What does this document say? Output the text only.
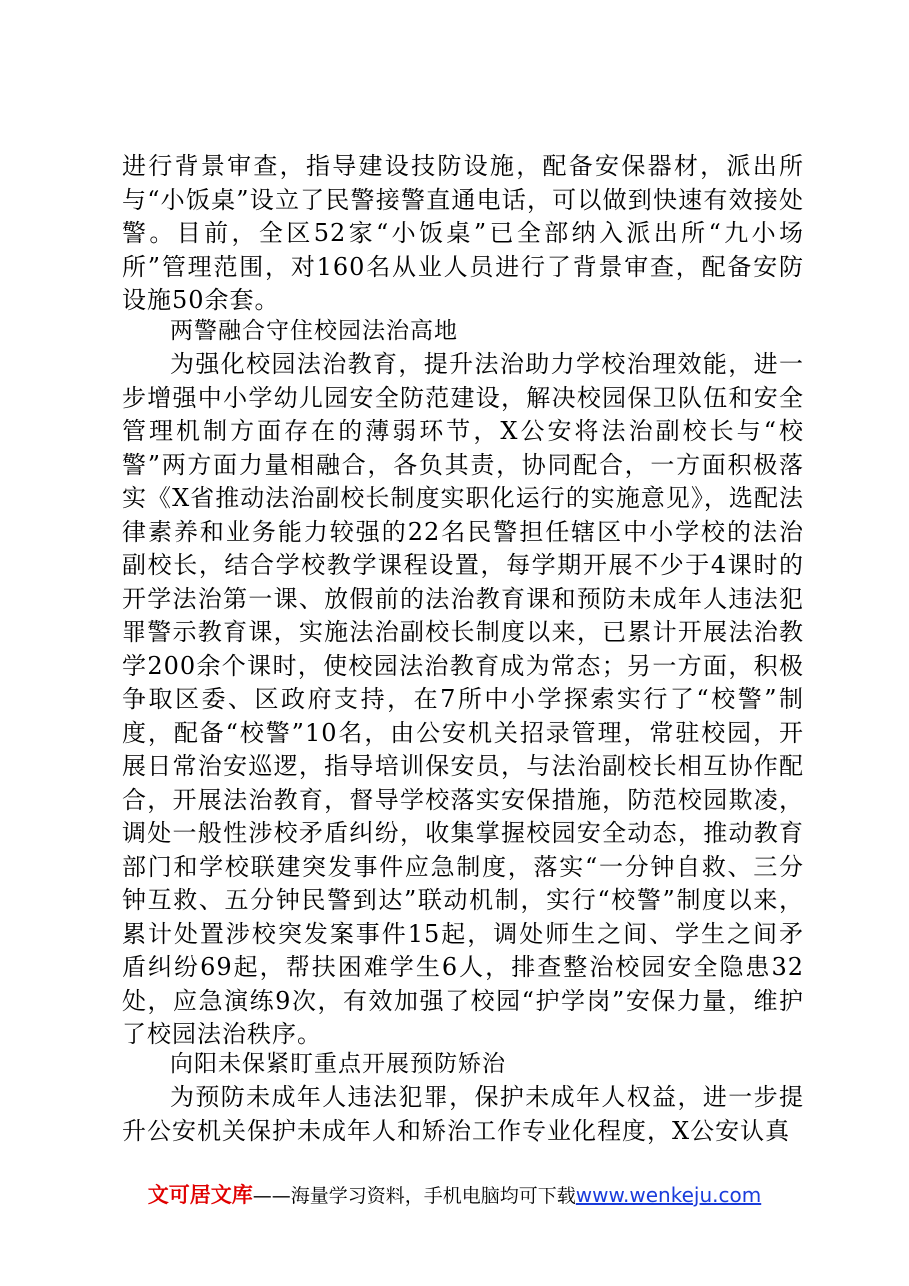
进行背景审查，指导建设技防设施，配备安保器材，派出所与“小饭桌”设立了民警接警直通电话，可以做到快速有效接处警。目前，全区52家“小饭桌”已全部纳入派出所“九小场所”管理范围，对160名从业人员进行了背景审查，配备安防设施50余套。
两警融合守住校园法治高地
为强化校园法治教育，提升法治助力学校治理效能，进一步增强中小学幼儿园安全防范建设，解决校园保卫队伍和安全管理机制方面存在的薄弱环节，X公安将法治副校长与“校警”两方面力量相融合，各负其责，协同配合，一方面积极落实《X省推动法治副校长制度实职化运行的实施意见》，选配法律素养和业务能力较强的22名民警担任辖区中小学校的法治副校长，结合学校教学课程设置，每学期开展不少于4课时的开学法治第一课、放假前的法治教育课和预防未成年人违法犯罪警示教育课，实施法治副校长制度以来，已累计开展法治教学200余个课时，使校园法治教育成为常态；另一方面，积极争取区委、区政府支持，在7所中小学探索实行了“校警”制度，配备“校警”10名，由公安机关招录管理，常驻校园，开展日常治安巡逻，指导培训保安员，与法治副校长相互协作配合，开展法治教育，督导学校落实安保措施，防范校园欺凌，调处一般性涉校矛盾纠纷，收集掌握校园安全动态，推动教育部门和学校联建突发事件应急制度，落实“一分钟自救、三分钟互救、五分钟民警到达”联动机制，实行“校警”制度以来，累计处置涉校突发案事件15起，调处师生之间、学生之间矛盾纠纷69起，帮扶困难学生6人，排查整治校园安全隐患32处，应急演练9次，有效加强了校园“护学岗”安保力量，维护了校园法治秩序。
向阳未保紧盯重点开展预防矫治
为预防未成年人违法犯罪，保护未成年人权益，进一步提升公安机关保护未成年人和矫治工作专业化程度，X公安认真
文可居文库——海量学习资料，手机电脑均可下载www.wenkeju.com
